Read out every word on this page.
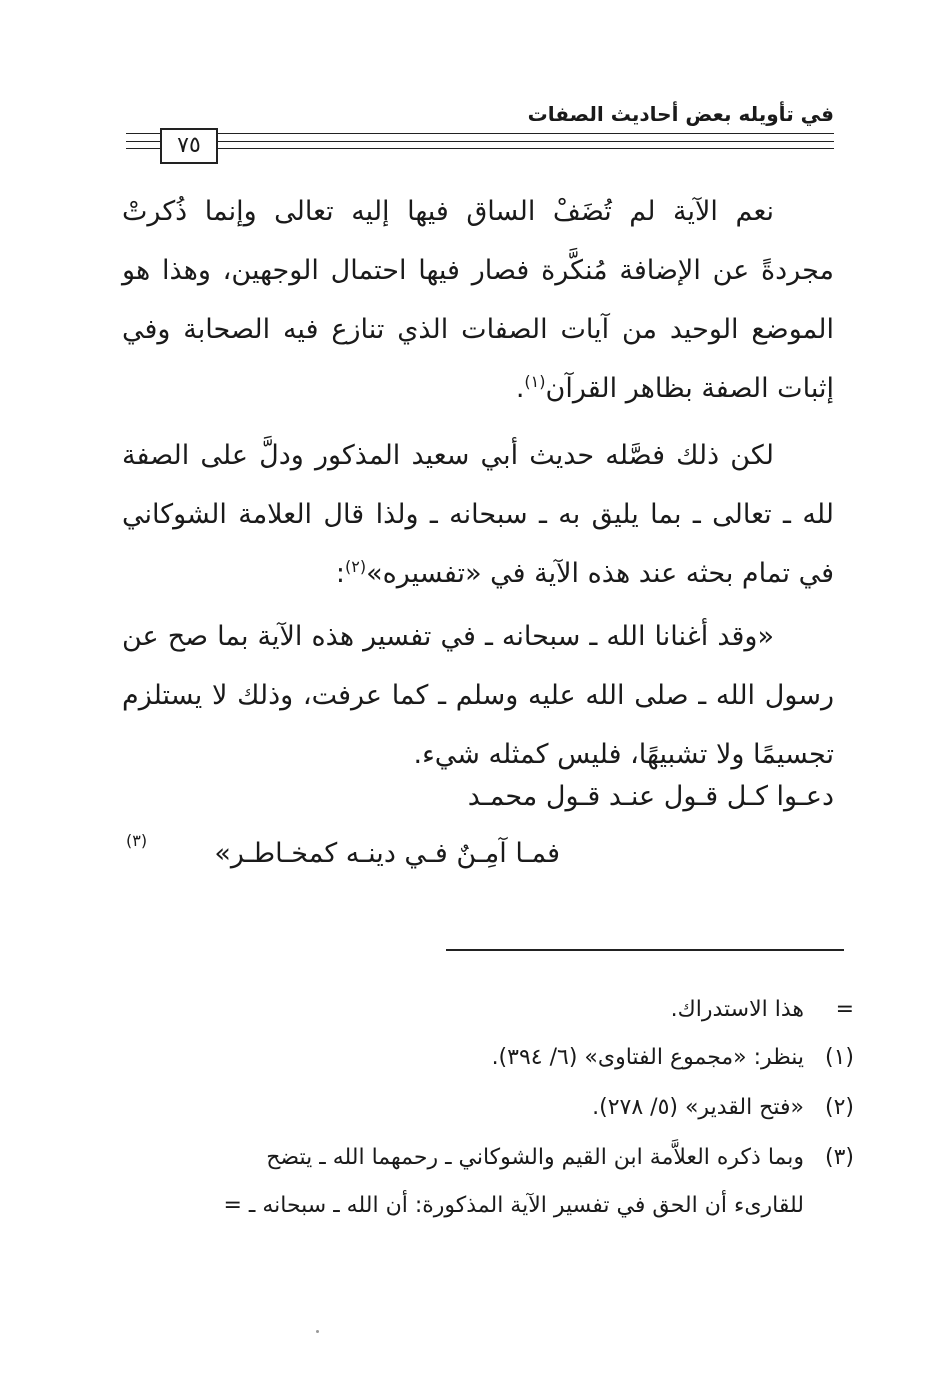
في تأويله بعض أحاديث الصفات
٧٥
نعم الآية لم تُضَفْ الساق فيها إليه تعالى وإنما ذُكرتْ مجردةً عن الإضافة مُنكَّرة فصار فيها احتمال الوجهين، وهذا هو الموضع الوحيد من آيات الصفات الذي تنازع فيه الصحابة وفي إثبات الصفة بظاهر القرآن$^{(١)}$.
لكن ذلك فصَّله حديث أبي سعيد المذكور ودلَّ على الصفة لله ـ تعالى ـ بما يليق به ـ سبحانه ـ ولذا قال العلامة الشوكاني في تمام بحثه عند هذه الآية في «تفسيره»$^{(٢)}$:
«وقد أغنانا الله ـ سبحانه ـ في تفسير هذه الآية بما صح عن رسول الله ـ صلى الله عليه وسلم ـ كما عرفت، وذلك لا يستلزم تجسيمًا ولا تشبيهًا، فليس كمثله شيء.
دعـوا كـل قـول عنـد قـول محمـد
فمـا آمِـنٌ فـي دينـه كمخـاطـر»
(٣)
=هذا الاستدراك.
(١)ينظر: «مجموع الفتاوى» (٦/ ٣٩٤).
(٢)«فتح القدير» (٥/ ٢٧٨).
(٣)وبما ذكره العلاَّمة ابن القيم والشوكاني ـ رحمهما الله ـ يتضح
للقارىء أن الحق في تفسير الآية المذكورة: أن الله ـ سبحانه ـ =
